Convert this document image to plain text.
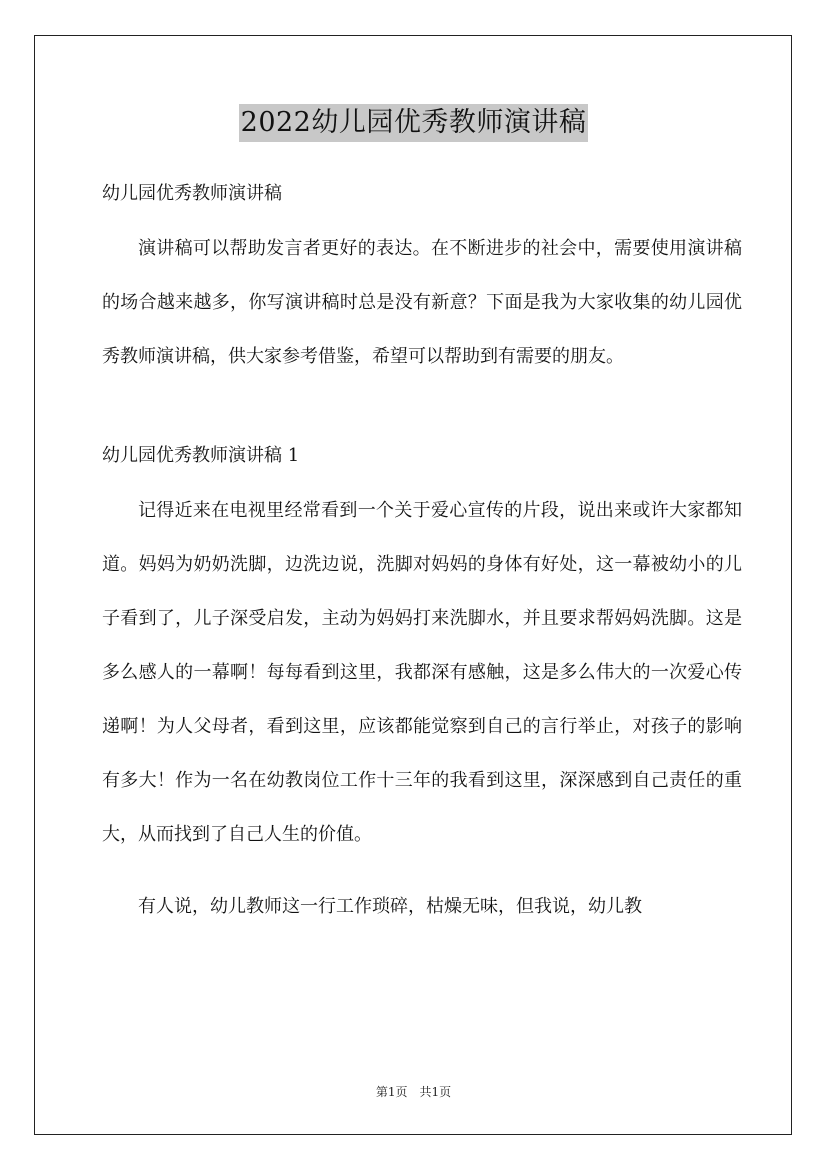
2022幼儿园优秀教师演讲稿

幼儿园优秀教师演讲稿

演讲稿可以帮助发言者更好的表达。在不断进步的社会中，需要使用演讲稿的场合越来越多，你写演讲稿时总是没有新意？下面是我为大家收集的幼儿园优秀教师演讲稿，供大家参考借鉴，希望可以帮助到有需要的朋友。

幼儿园优秀教师演讲稿 1

记得近来在电视里经常看到一个关于爱心宣传的片段，说出来或许大家都知道。妈妈为奶奶洗脚，边洗边说，洗脚对妈妈的身体有好处，这一幕被幼小的儿子看到了，儿子深受启发，主动为妈妈打来洗脚水，并且要求帮妈妈洗脚。这是多么感人的一幕啊！每每看到这里，我都深有感触，这是多么伟大的一次爱心传递啊！为人父母者，看到这里，应该都能觉察到自己的言行举止，对孩子的影响有多大！作为一名在幼教岗位工作十三年的我看到这里，深深感到自己责任的重大，从而找到了自己人生的价值。

有人说，幼儿教师这一行工作琐碎，枯燥无味，但我说，幼儿教

第1页　共1页
